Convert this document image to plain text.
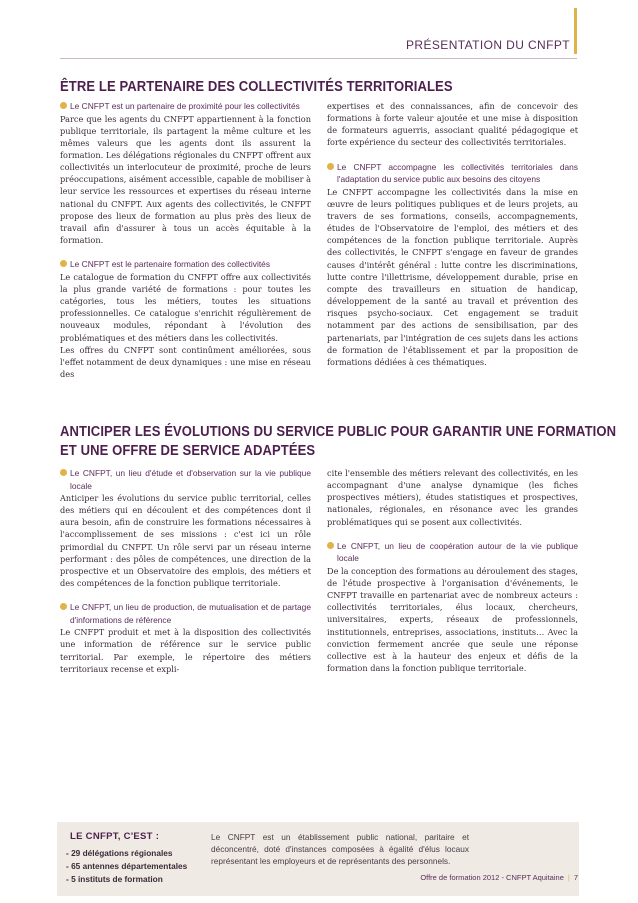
PRÉSENTATION DU CNFPT
ÊTRE LE PARTENAIRE DES COLLECTIVITÉS TERRITORIALES

Le CNFPT est un partenaire de proximité pour les collectivités

Parce que les agents du CNFPT appartiennent à la fonction publique territoriale, ils partagent la même culture et les mêmes valeurs que les agents dont ils assurent la formation. Les délégations régionales du CNFPT offrent aux collectivités un interlocuteur de proximité, proche de leurs préoccupations, aisément accessible, capable de mobiliser à leur service les ressources et expertises du réseau interne national du CNFPT. Aux agents des collectivités, le CNFPT propose des lieux de formation au plus près des lieux de travail afin d'assurer à tous un accès équitable à la formation.

Le CNFPT est le partenaire formation des collectivités

Le catalogue de formation du CNFPT offre aux collectivités la plus grande variété de formations : pour toutes les catégories, tous les métiers, toutes les situations professionnelles. Ce catalogue s'enrichit régulièrement de nouveaux modules, répondant à l'évolution des problématiques et des métiers dans les collectivités.

Les offres du CNFPT sont continûment améliorées, sous l'effet notamment de deux dynamiques : une mise en réseau des

expertises et des connaissances, afin de concevoir des formations à forte valeur ajoutée et une mise à disposition de formateurs aguerris, associant qualité pédagogique et forte expérience du secteur des collectivités territoriales.

Le CNFPT accompagne les collectivités territoriales dans l'adaptation du service public aux besoins des citoyens

Le CNFPT accompagne les collectivités dans la mise en œuvre de leurs politiques publiques et de leurs projets, au travers de ses formations, conseils, accompagnements, études de l'Observatoire de l'emploi, des métiers et des compétences de la fonction publique territoriale. Auprès des collectivités, le CNFPT s'engage en faveur de grandes causes d'intérêt général : lutte contre les discriminations, lutte contre l'illettrisme, développement durable, prise en compte des travailleurs en situation de handicap, développement de la santé au travail et prévention des risques psycho-sociaux. Cet engagement se traduit notamment par des actions de sensibilisation, par des partenariats, par l'intégration de ces sujets dans les actions de formation de l'établissement et par la proposition de formations dédiées à ces thématiques.

ANTICIPER LES ÉVOLUTIONS DU SERVICE PUBLIC POUR GARANTIR UNE FORMATION
ET UNE OFFRE DE SERVICE ADAPTÉES

Le CNFPT, un lieu d'étude et d'observation sur la vie publique locale

Anticiper les évolutions du service public territorial, celles des métiers qui en découlent et des compétences dont il aura besoin, afin de construire les formations nécessaires à l'accomplissement de ses missions : c'est ici un rôle primordial du CNFPT. Un rôle servi par un réseau interne performant : des pôles de compétences, une direction de la prospective et un Observatoire des emplois, des métiers et des compétences de la fonction publique territoriale.

Le CNFPT, un lieu de production, de mutualisation et de partage d'informations de référence

Le CNFPT produit et met à la disposition des collectivités une information de référence sur le service public territorial. Par exemple, le répertoire des métiers territoriaux recense et expli-

cite l'ensemble des métiers relevant des collectivités, en les accompagnant d'une analyse dynamique (les fiches prospectives métiers), études statistiques et prospectives, nationales, régionales, en résonance avec les grandes problématiques qui se posent aux collectivités.

Le CNFPT, un lieu de coopération autour de la vie publique locale

De la conception des formations au déroulement des stages, de l'étude prospective à l'organisation d'événements, le CNFPT travaille en partenariat avec de nombreux acteurs : collectivités territoriales, élus locaux, chercheurs, universitaires, experts, réseaux de professionnels, institutionnels, entreprises, associations, instituts… Avec la conviction fermement ancrée que seule une réponse collective est à la hauteur des enjeux et défis de la formation dans la fonction publique territoriale.

LE CNFPT, C'EST :
- 29 délégations régionales
- 65 antennes départementales
- 5 instituts de formation
Le CNFPT est un établissement public national, paritaire et déconcentré, doté d'instances composées à égalité d'élus locaux représentant les employeurs et de représentants des personnels.
Offre de formation 2012 - CNFPT Aquitaine | 7
